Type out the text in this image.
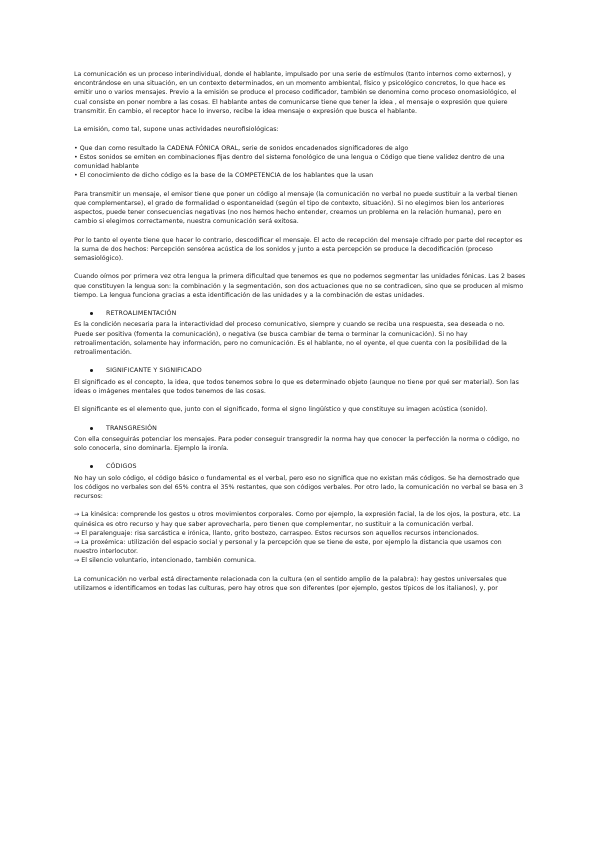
La comunicación es un proceso interindividual, donde el hablante, impulsado por una serie de estímulos (tanto internos como externos), y encontrándose en una situación, en un contexto determinados, en un momento ambiental, físico y psicológico concretos, lo que hace es emitir uno o varios mensajes. Previo a la emisión se produce el proceso codificador, también se denomina como proceso onomasiológico, el cual consiste en poner nombre a las cosas. El hablante antes de comunicarse tiene que tener la idea , el mensaje o expresión que quiere transmitir. En cambio, el receptor hace lo inverso, recibe la idea mensaje o expresión que busca el hablante.

La emisión, como tal, supone unas actividades neurofisiológicas:

• Que dan como resultado la CADENA FÓNICA ORAL, serie de sonidos encadenados significadores de algo

• Estos sonidos se emiten en combinaciones fijas dentro del sistema fonológico de una lengua o Código que tiene validez dentro de una comunidad hablante

• El conocimiento de dicho código es la base de la COMPETENCIA de los hablantes que la usan

Para transmitir un mensaje, el emisor tiene que poner un código al mensaje (la comunicación no verbal no puede sustituir a la verbal tienen que complementarse), el grado de formalidad o espontaneidad (según el tipo de contexto, situación). Si no elegimos bien los anteriores aspectos, puede tener consecuencias negativas (no nos hemos hecho entender, creamos un problema en la relación humana), pero en cambio si elegimos correctamente, nuestra comunicación será exitosa.

Por lo tanto el oyente tiene que hacer lo contrario, descodificar el mensaje. El acto de recepción del mensaje cifrado por parte del receptor es la suma de dos hechos: Percepción sensórea acústica de los sonidos y junto a esta percepción se produce la decodificación (proceso semasiológico).

Cuando oímos por primera vez otra lengua la primera dificultad que tenemos es que no podemos segmentar las unidades fónicas. Las 2 bases que constituyen la lengua son: la combinación y la segmentación, son dos actuaciones que no se contradicen, sino que se producen al mismo tiempo. La lengua funciona gracias a esta identificación de las unidades y a la combinación de estas unidades.

RETROALIMENTACIÓN

Es la condición necesaria para la interactividad del proceso comunicativo, siempre y cuando se reciba una respuesta, sea deseada o no. Puede ser positiva (fomenta la comunicación), o negativa (se busca cambiar de tema o terminar la comunicación). Si no hay retroalimentación, solamente hay información, pero no comunicación. Es el hablante, no el oyente, el que cuenta con la posibilidad de la retroalimentación.

SIGNIFICANTE Y SIGNIFICADO

El significado es el concepto, la idea, que todos tenemos sobre lo que es determinado objeto (aunque no tiene por qué ser material). Son las ideas o imágenes mentales que todos tenemos de las cosas.

El significante es el elemento que, junto con el significado, forma el signo lingüístico y que constituye su imagen acústica (sonido).

TRANSGRESIÓN

Con ella conseguirás potenciar los mensajes. Para poder conseguir transgredir la norma hay que conocer la perfección la norma o código, no solo conocerla, sino dominarla. Ejemplo la ironía.

CÓDIGOS

No hay un solo código, el código básico o fundamental es el verbal, pero eso no significa que no existan más códigos. Se ha demostrado que los códigos no verbales son del 65% contra el 35% restantes, que son códigos verbales. Por otro lado, la comunicación no verbal se basa en 3 recursos:

→ La kinésica: comprende los gestos u otros movimientos corporales. Como por ejemplo, la expresión facial, la de los ojos, la postura, etc. La quinésica es otro recurso y hay que saber aprovecharla, pero tienen que complementar, no sustituir a la comunicación verbal.

→ El paralenguaje: risa sarcástica e irónica, llanto, grito bostezo, carraspeo. Estos recursos son aquellos recursos intencionados.

→ La proxémica: utilización del espacio social y personal y la percepción que se tiene de este, por ejemplo la distancia que usamos con nuestro interlocutor.

→ El silencio voluntario, intencionado, también comunica.

La comunicación no verbal está directamente relacionada con la cultura (en el sentido amplio de la palabra): hay gestos universales que utilizamos e identificamos en todas las culturas, pero hay otros que son diferentes (por ejemplo, gestos típicos de los italianos), y, por
